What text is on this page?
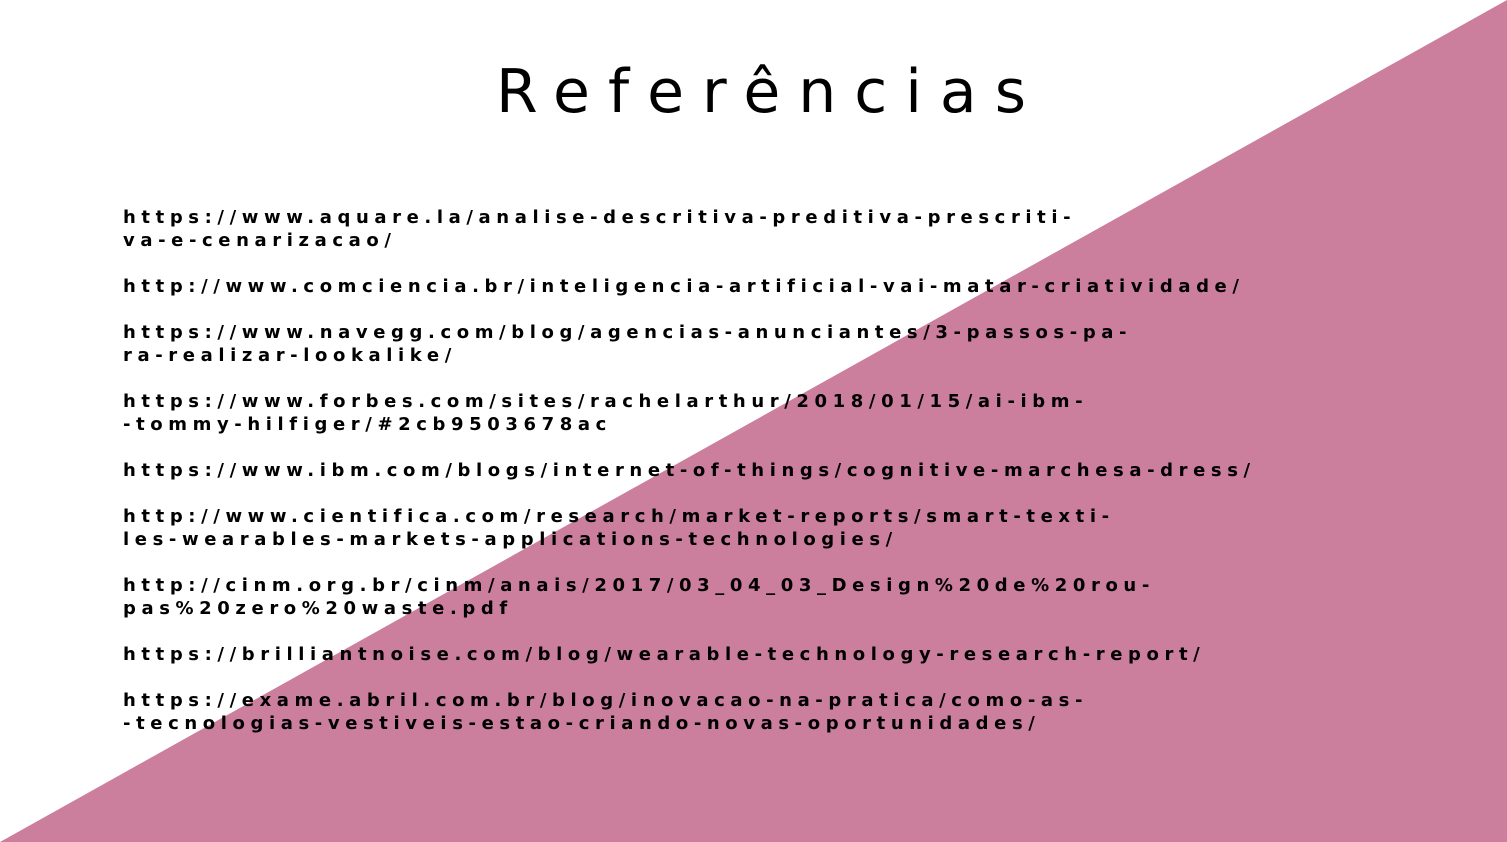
Referências
https://www.aquare.la/analise-descritiva-preditiva-prescriti-
va-e-cenarizacao/
http://www.comciencia.br/inteligencia-artificial-vai-matar-criatividade/
https://www.navegg.com/blog/agencias-anunciantes/3-passos-pa-
ra-realizar-lookalike/
https://www.forbes.com/sites/rachelarthur/2018/01/15/ai-ibm-
-tommy-hilfiger/#2cb9503678ac
https://www.ibm.com/blogs/internet-of-things/cognitive-marchesa-dress/
http://www.cientifica.com/research/market-reports/smart-texti-
les-wearables-markets-applications-technologies/
http://cinm.org.br/cinm/anais/2017/03_04_03_Design%20de%20rou-
pas%20zero%20waste.pdf
https://brilliantnoise.com/blog/wearable-technology-research-report/
https://exame.abril.com.br/blog/inovacao-na-pratica/como-as-
-tecnologias-vestiveis-estao-criando-novas-oportunidades/
